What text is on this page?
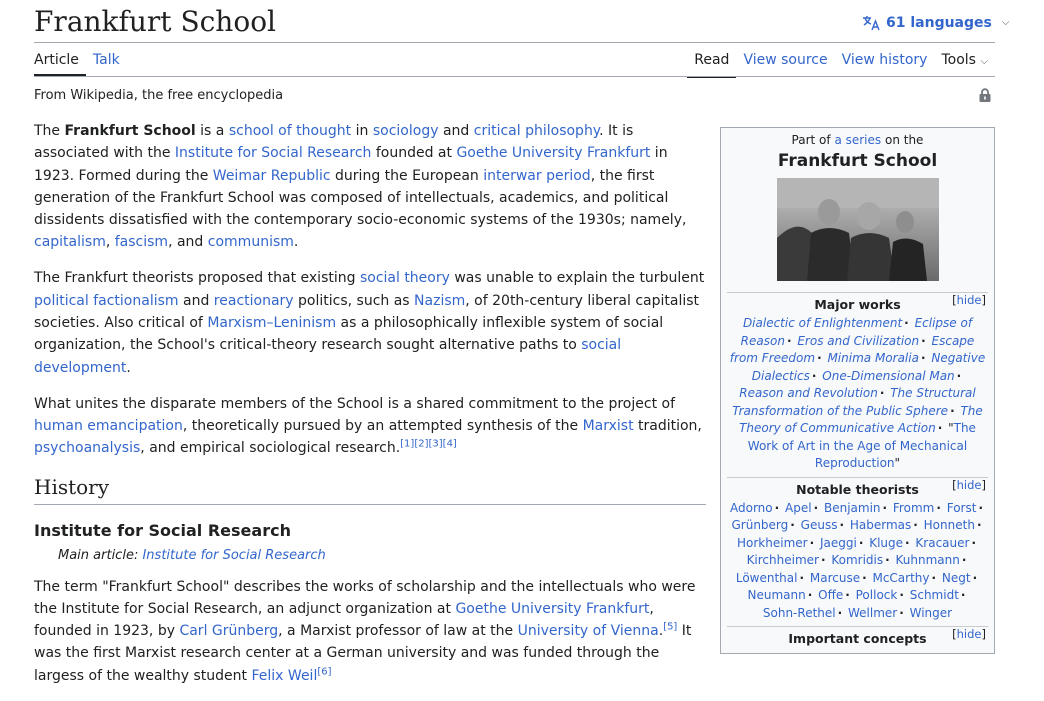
Frankfurt School	61 languages ⌵
Article	Talk	Read	View source	View history	Tools ⌵
From Wikipedia, the free encyclopedia

The Frankfurt School is a school of thought in sociology and critical philosophy. It is associated with the Institute for Social Research founded at Goethe University Frankfurt in 1923. Formed during the Weimar Republic during the European interwar period, the first generation of the Frankfurt School was composed of intellectuals, academics, and political dissidents dissatisfied with the contemporary socio-economic systems of the 1930s; namely, capitalism, fascism, and communism.

The Frankfurt theorists proposed that existing social theory was unable to explain the turbulent political factionalism and reactionary politics, such as Nazism, of 20th-century liberal capitalist societies. Also critical of Marxism–Leninism as a philosophically inflexible system of social organization, the School's critical-theory research sought alternative paths to social development.

What unites the disparate members of the School is a shared commitment to the project of human emancipation, theoretically pursued by an attempted synthesis of the Marxist tradition, psychoanalysis, and empirical sociological research.[1][2][3][4]

History
Institute for Social Research
Main article: Institute for Social Research

The term "Frankfurt School" describes the works of scholarship and the intellectuals who were the Institute for Social Research, an adjunct organization at Goethe University Frankfurt, founded in 1923, by Carl Grünberg, a Marxist professor of law at the University of Vienna.[5] It was the first Marxist research center at a German university and was funded through the largess of the wealthy student Felix Weil[6]

Part of a series on the
Frankfurt School
Major works	[hide]
Dialectic of Enlightenment · Eclipse of Reason · Eros and Civilization · Escape from Freedom · Minima Moralia · Negative Dialectics · One-Dimensional Man · Reason and Revolution · The Structural Transformation of the Public Sphere · The Theory of Communicative Action · "The Work of Art in the Age of Mechanical Reproduction"
Notable theorists	[hide]
Adorno · Apel · Benjamin · Fromm · Forst · Grünberg · Geuss · Habermas · Honneth · Horkheimer · Jaeggi · Kluge · Kracauer · Kirchheimer · Komridis · Kuhnmann · Löwenthal · Marcuse · McCarthy · Negt · Neumann · Offe · Pollock · Schmidt · Sohn-Rethel · Wellmer · Winger
Important concepts	[hide]
